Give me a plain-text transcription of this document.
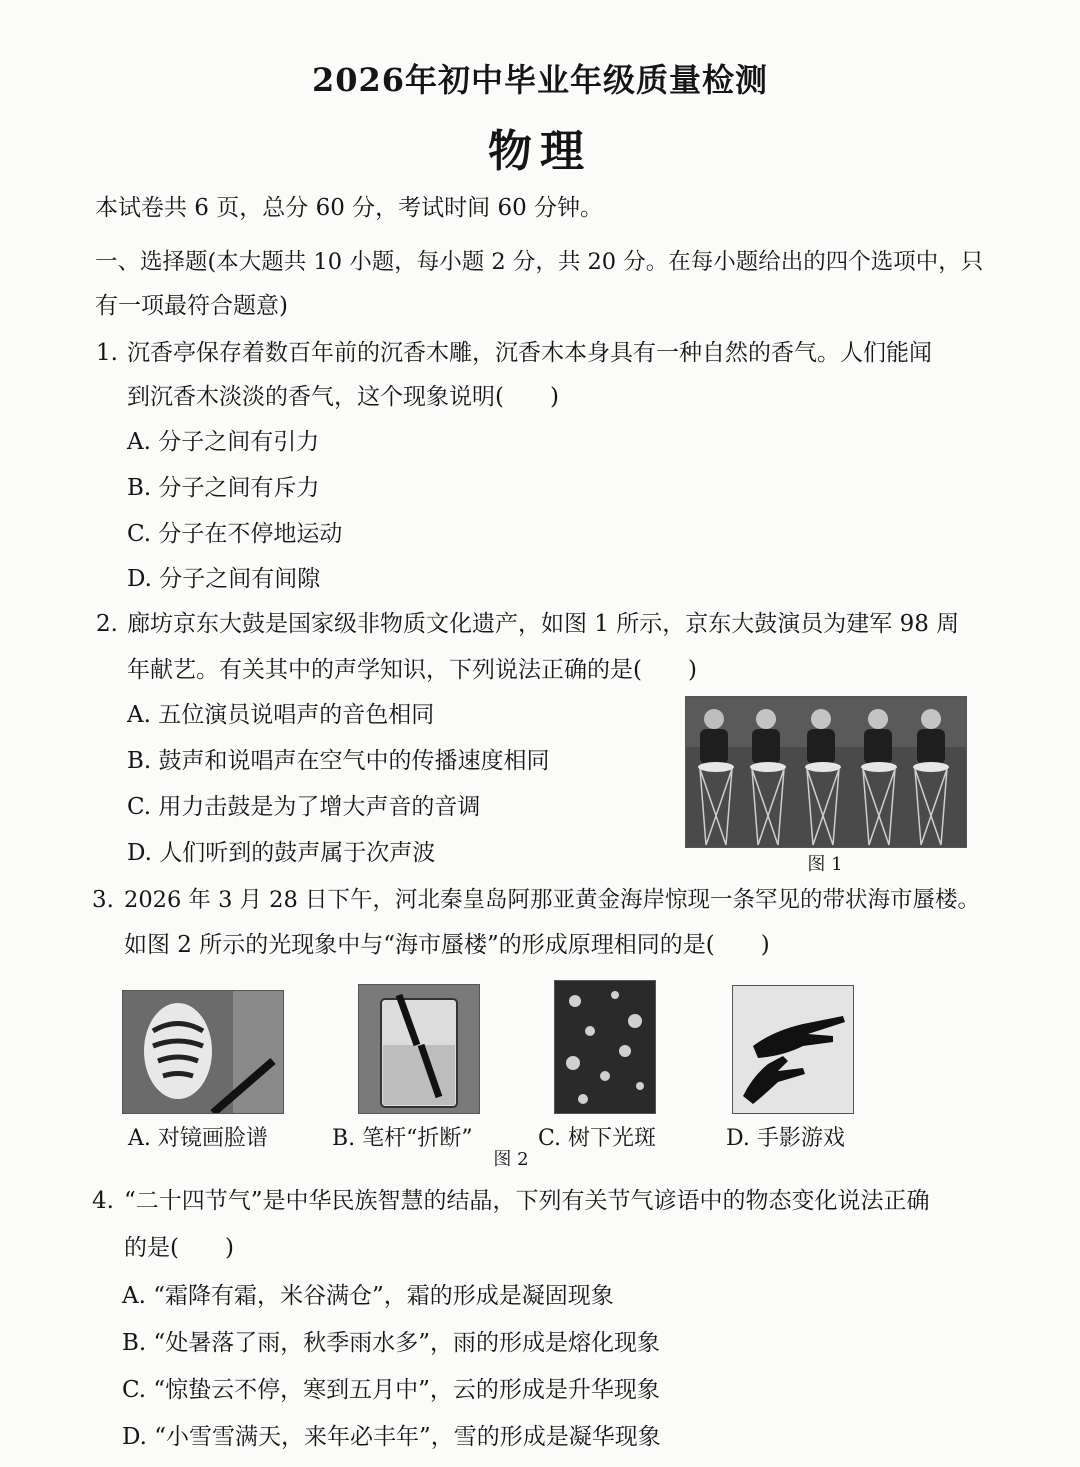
2026年初中毕业年级质量检测
物理
本试卷共 6 页，总分 60 分，考试时间 60 分钟。
一、选择题(本大题共 10 小题，每小题 2 分，共 20 分。在每小题给出的四个选项中，只
有一项最符合题意)
1. 沉香亭保存着数百年前的沉香木雕，沉香木本身具有一种自然的香气。人们能闻
到沉香木淡淡的香气，这个现象说明(　　)
A. 分子之间有引力
B. 分子之间有斥力
C. 分子在不停地运动
D. 分子之间有间隙
2. 廊坊京东大鼓是国家级非物质文化遗产，如图 1 所示，京东大鼓演员为建军 98 周
年献艺。有关其中的声学知识，下列说法正确的是(　　)
A. 五位演员说唱声的音色相同
B. 鼓声和说唱声在空气中的传播速度相同
C. 用力击鼓是为了增大声音的音调
D. 人们听到的鼓声属于次声波	图 1
3. 2026 年 3 月 28 日下午，河北秦皇岛阿那亚黄金海岸惊现一条罕见的带状海市蜃楼。
如图 2 所示的光现象中与“海市蜃楼”的形成原理相同的是(　　)
A. 对镜画脸谱	B. 笔杆“折断”	C. 树下光斑	D. 手影游戏
图 2
4. “二十四节气”是中华民族智慧的结晶，下列有关节气谚语中的物态变化说法正确
的是(　　)
A. “霜降有霜，米谷满仓”，霜的形成是凝固现象
B. “处暑落了雨，秋季雨水多”，雨的形成是熔化现象
C. “惊蛰云不停，寒到五月中”，云的形成是升华现象
D. “小雪雪满天，来年必丰年”，雪的形成是凝华现象
